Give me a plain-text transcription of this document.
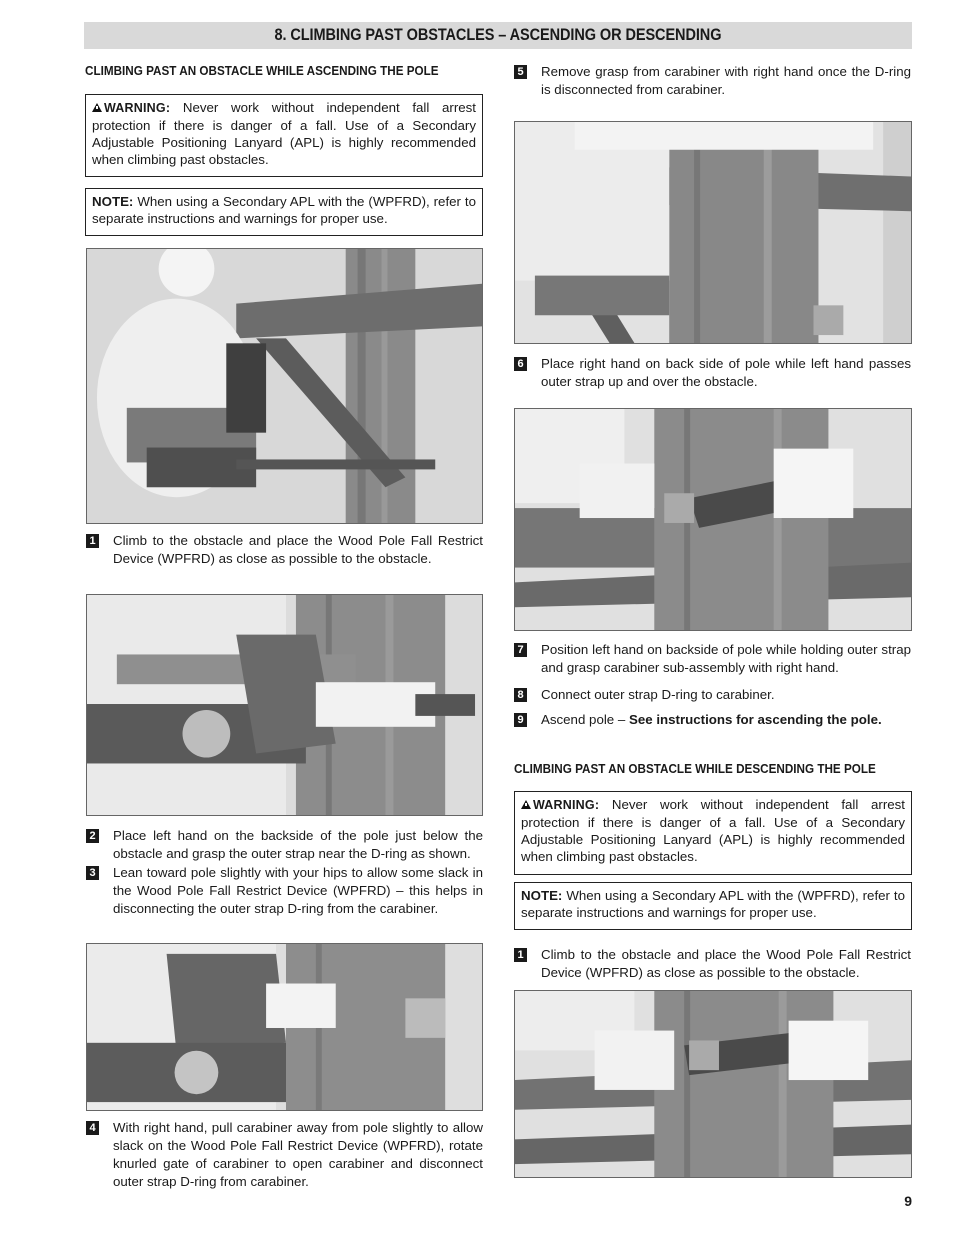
8. CLIMBING PAST OBSTACLES – ASCENDING OR DESCENDING
CLIMBING PAST AN OBSTACLE WHILE ASCENDING THE POLE
WARNING: Never work without independent fall arrest protection if there is danger of a fall. Use of a Secondary Adjustable Positioning Lanyard (APL) is highly recommended when climbing past obstacles.
NOTE: When using a Secondary APL with the (WPFRD), refer to separate instructions and warnings for proper use.
1 Climb to the obstacle and place the Wood Pole Fall Restrict Device (WPFRD) as close as possible to the obstacle.
2 Place left hand on the backside of the pole just below the obstacle and grasp the outer strap near the D-ring as shown.
3 Lean toward pole slightly with your hips to allow some slack in the Wood Pole Fall Restrict Device (WPFRD) – this helps in disconnecting the outer strap D-ring from the carabiner.
4 With right hand, pull carabiner away from pole slightly to allow slack on the Wood Pole Fall Restrict Device (WPFRD), rotate knurled gate of carabiner to open carabiner and disconnect outer strap D-ring from carabiner.
5 Remove grasp from carabiner with right hand once the D-ring is disconnected from carabiner.
6 Place right hand on back side of pole while left hand passes outer strap up and over the obstacle.
7 Position left hand on backside of pole while holding outer strap and grasp carabiner sub-assembly with right hand.
8 Connect outer strap D-ring to carabiner.
9 Ascend pole – See instructions for ascending the pole.
CLIMBING PAST AN OBSTACLE WHILE DESCENDING THE POLE
WARNING: Never work without independent fall arrest protection if there is danger of a fall. Use of a Secondary Adjustable Positioning Lanyard (APL) is highly recommended when climbing past obstacles.
NOTE: When using a Secondary APL with the (WPFRD), refer to separate instructions and warnings for proper use.
1 Climb to the obstacle and place the Wood Pole Fall Restrict Device (WPFRD) as close as possible to the obstacle.
9
